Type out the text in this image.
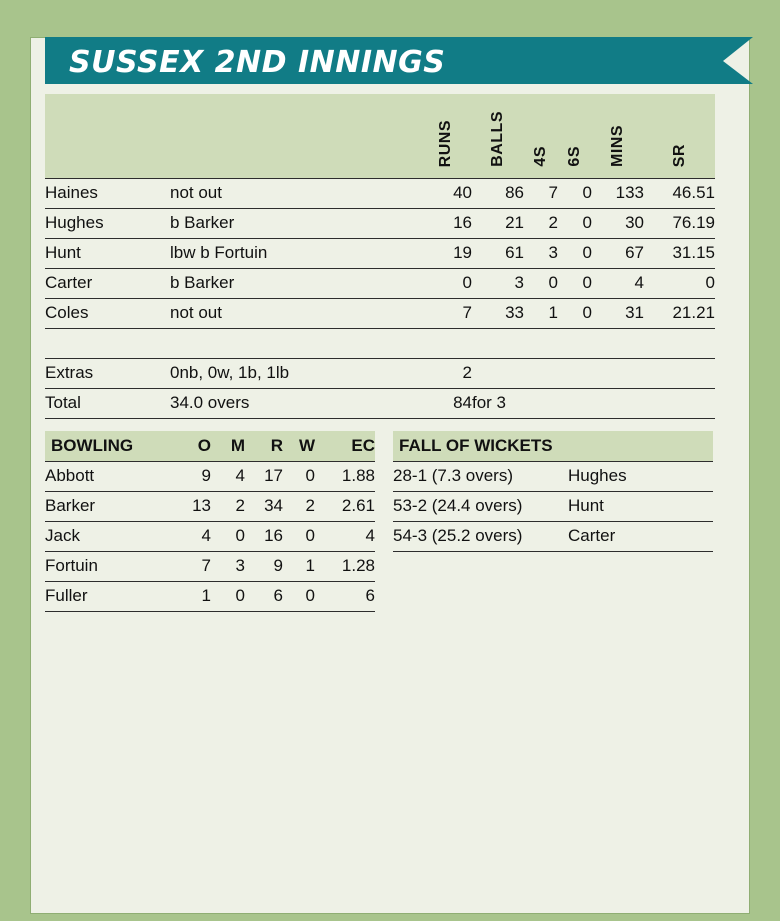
SUSSEX 2ND INNINGS
		RUNS	BALLS	4S	6S	MINS	SR
Haines	not out	40	86	7	0	133	46.51
Hughes	b Barker	16	21	2	0	30	76.19
Hunt	lbw b Fortuin	19	61	3	0	67	31.15
Carter	b Barker	0	3	0	0	4	0
Coles	not out	7	33	1	0	31	21.21

Extras	0nb, 0w, 1b, 1lb	2					
Total	34.0 overs	84	for 3				
BOWLING	O	M	R	W	EC
Abbott	9	4	17	0	1.88
Barker	13	2	34	2	2.61
Jack	4	0	16	0	4
Fortuin	7	3	9	1	1.28
Fuller	1	0	6	0	6
FALL OF WICKETS	
28-1 (7.3 overs)	Hughes
53-2 (24.4 overs)	Hunt
54-3 (25.2 overs)	Carter
